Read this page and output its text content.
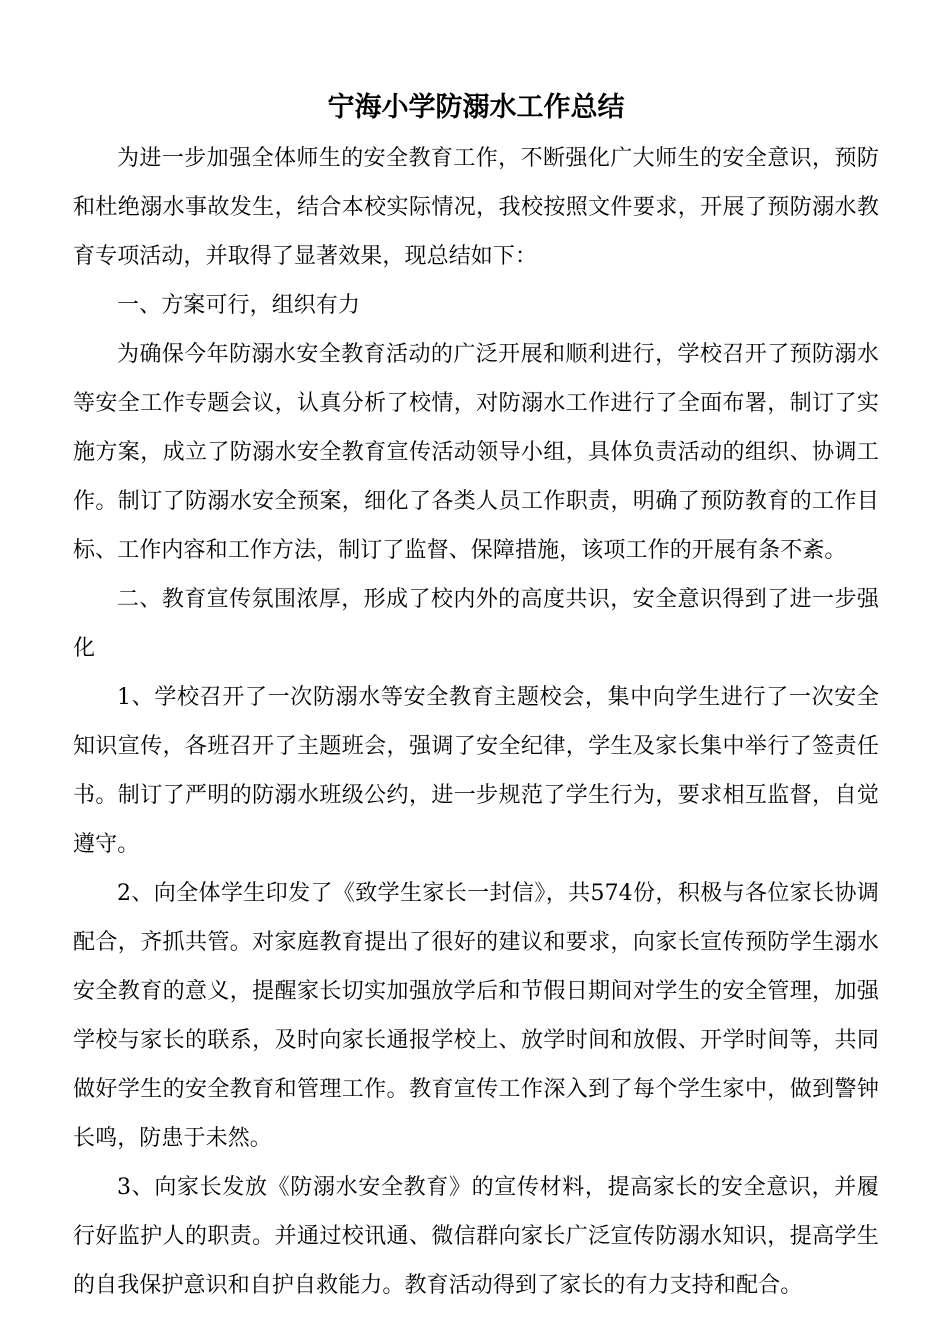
宁海小学防溺水工作总结

为进一步加强全体师生的安全教育工作，不断强化广大师生的安全意识，预防和杜绝溺水事故发生，结合本校实际情况，我校按照文件要求，开展了预防溺水教育专项活动，并取得了显著效果，现总结如下：

一、方案可行，组织有力

为确保今年防溺水安全教育活动的广泛开展和顺利进行，学校召开了预防溺水等安全工作专题会议，认真分析了校情，对防溺水工作进行了全面布署，制订了实施方案，成立了防溺水安全教育宣传活动领导小组，具体负责活动的组织、协调工作。制订了防溺水安全预案，细化了各类人员工作职责，明确了预防教育的工作目标、工作内容和工作方法，制订了监督、保障措施，该项工作的开展有条不紊。

二、教育宣传氛围浓厚，形成了校内外的高度共识，安全意识得到了进一步强化

1、学校召开了一次防溺水等安全教育主题校会，集中向学生进行了一次安全知识宣传，各班召开了主题班会，强调了安全纪律，学生及家长集中举行了签责任书。制订了严明的防溺水班级公约，进一步规范了学生行为，要求相互监督，自觉遵守。

2、向全体学生印发了《致学生家长一封信》，共574份，积极与各位家长协调配合，齐抓共管。对家庭教育提出了很好的建议和要求，向家长宣传预防学生溺水安全教育的意义，提醒家长切实加强放学后和节假日期间对学生的安全管理，加强学校与家长的联系，及时向家长通报学校上、放学时间和放假、开学时间等，共同做好学生的安全教育和管理工作。教育宣传工作深入到了每个学生家中，做到警钟长鸣，防患于未然。

3、向家长发放《防溺水安全教育》的宣传材料，提高家长的安全意识，并履行好监护人的职责。并通过校讯通、微信群向家长广泛宣传防溺水知识，提高学生的自我保护意识和自护自救能力。教育活动得到了家长的有力支持和配合。
